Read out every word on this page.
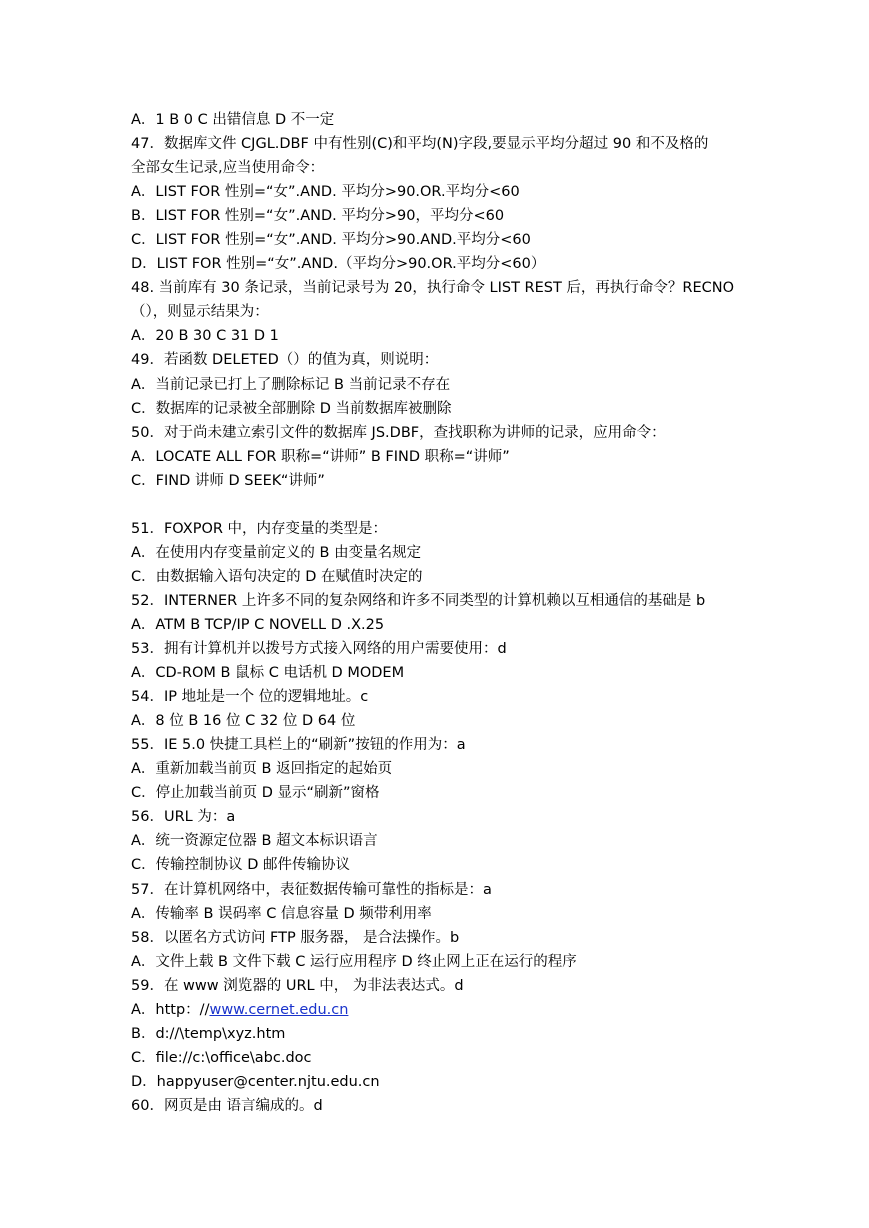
A．1 B 0 C 出错信息 D 不一定
47．数据库文件 CJGL.DBF 中有性别(C)和平均(N)字段,要显示平均分超过 90 和不及格的
全部女生记录,应当使用命令：
A．LIST FOR 性别=“女”.AND. 平均分>90.OR.平均分<60
B．LIST FOR 性别=“女”.AND. 平均分>90，平均分<60
C．LIST FOR 性别=“女”.AND. 平均分>90.AND.平均分<60
D．LIST FOR 性别=“女”.AND.（平均分>90.OR.平均分<60）
48. 当前库有 30 条记录，当前记录号为 20，执行命令 LIST REST 后，再执行命令？RECNO
（），则显示结果为：
A．20 B 30 C 31 D 1
49．若函数 DELETED（）的值为真，则说明：
A．当前记录已打上了删除标记 B 当前记录不存在
C．数据库的记录被全部删除 D 当前数据库被删除
50．对于尚未建立索引文件的数据库 JS.DBF，查找职称为讲师的记录，应用命令：
A．LOCATE ALL FOR 职称=“讲师” B FIND 职称=“讲师”
C．FIND 讲师 D SEEK“讲师”
51．FOXPOR 中，内存变量的类型是：
A．在使用内存变量前定义的 B 由变量名规定
C．由数据输入语句决定的 D 在赋值时决定的
52．INTERNER 上许多不同的复杂网络和许多不同类型的计算机赖以互相通信的基础是 b
A．ATM B TCP/IP C NOVELL D .X.25
53．拥有计算机并以拨号方式接入网络的用户需要使用：d
A．CD-ROM B 鼠标 C 电话机 D MODEM
54．IP 地址是一个 位的逻辑地址。c
A．8 位 B 16 位 C 32 位 D 64 位
55．IE 5.0 快捷工具栏上的“刷新”按钮的作用为：a
A．重新加载当前页 B 返回指定的起始页
C．停止加载当前页 D 显示“刷新”窗格
56．URL 为：a
A．统一资源定位器 B 超文本标识语言
C．传输控制协议 D 邮件传输协议
57．在计算机网络中，表征数据传输可靠性的指标是：a
A．传输率 B 误码率 C 信息容量 D 频带利用率
58．以匿名方式访问 FTP 服务器， 是合法操作。b
A．文件上载 B 文件下载 C 运行应用程序 D 终止网上正在运行的程序
59．在 www 浏览器的 URL 中， 为非法表达式。d
A．http：//www.cernet.edu.cn
B．d://\temp\xyz.htm
C．file://c:\office\abc.doc
D．happyuser@center.njtu.edu.cn
60．网页是由 语言编成的。d
